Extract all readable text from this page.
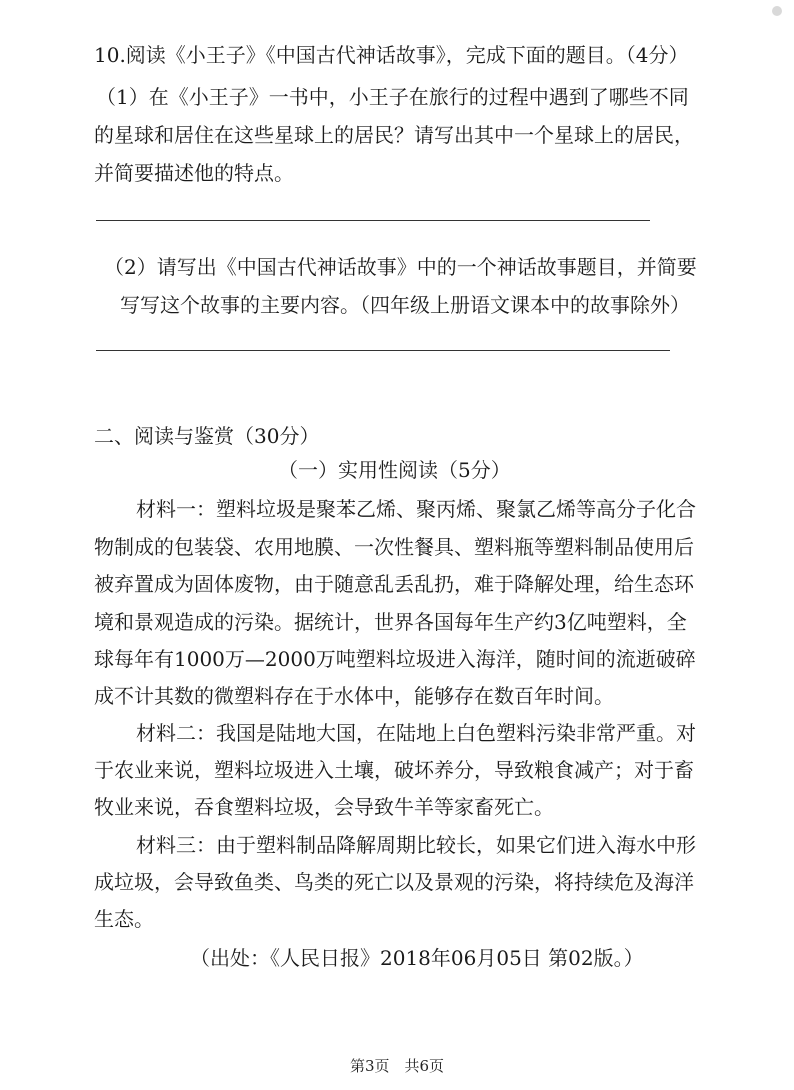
10.阅读《小王子》《中国古代神话故事》，完成下面的题目。（4分）
（1）在《小王子》一书中，小王子在旅行的过程中遇到了哪些不同
的星球和居住在这些星球上的居民？请写出其中一个星球上的居民，
并简要描述他的特点。
（2）请写出《中国古代神话故事》中的一个神话故事题目，并简要
写写这个故事的主要内容。（四年级上册语文课本中的故事除外）
二、阅读与鉴赏（30分）
（一）实用性阅读（5分）
材料一：塑料垃圾是聚苯乙烯、聚丙烯、聚氯乙烯等高分子化合
物制成的包装袋、农用地膜、一次性餐具、塑料瓶等塑料制品使用后
被弃置成为固体废物，由于随意乱丢乱扔，难于降解处理，给生态环
境和景观造成的污染。据统计，世界各国每年生产约3亿吨塑料，全
球每年有1000万—2000万吨塑料垃圾进入海洋，随时间的流逝破碎
成不计其数的微塑料存在于水体中，能够存在数百年时间。
材料二：我国是陆地大国，在陆地上白色塑料污染非常严重。对
于农业来说，塑料垃圾进入土壤，破坏养分，导致粮食减产；对于畜
牧业来说，吞食塑料垃圾，会导致牛羊等家畜死亡。
材料三：由于塑料制品降解周期比较长，如果它们进入海水中形
成垃圾，会导致鱼类、鸟类的死亡以及景观的污染，将持续危及海洋
生态。
（出处：《人民日报》2018年06月05日 第02版。）
第3页　共6页
